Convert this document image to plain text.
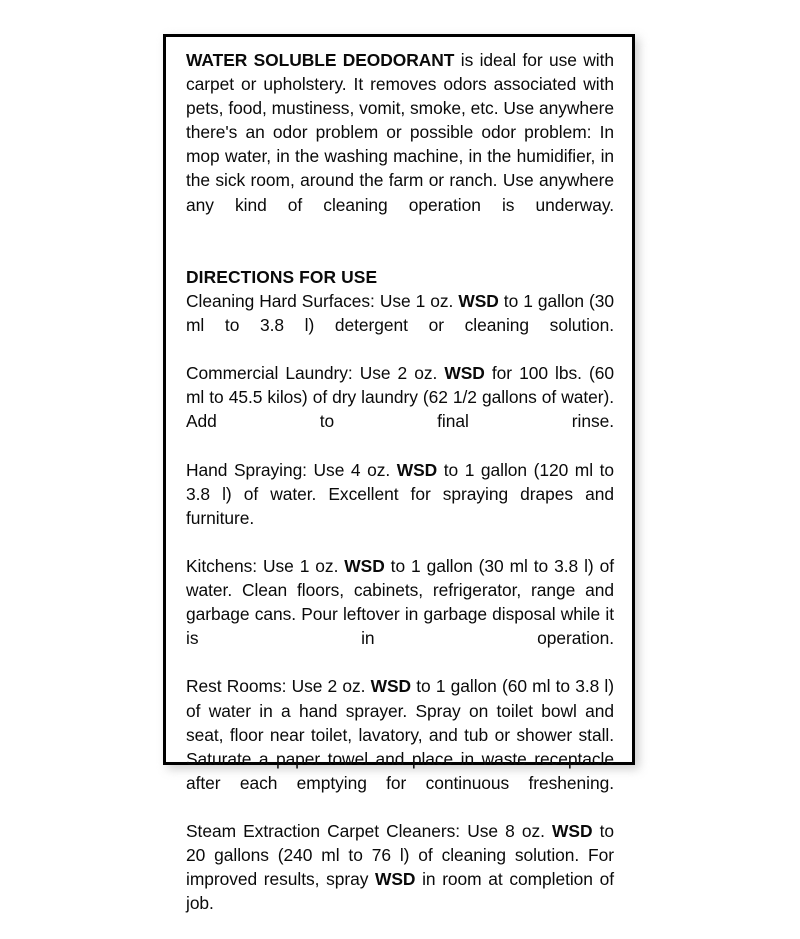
WATER SOLUBLE DEODORANT is ideal for use with carpet or upholstery. It removes odors associated with pets, food, mustiness, vomit, smoke, etc. Use anywhere there's an odor problem or possible odor problem: In mop water, in the washing machine, in the humidifier, in the sick room, around the farm or ranch. Use anywhere any kind of cleaning operation is underway.

DIRECTIONS FOR USE

Cleaning Hard Surfaces: Use 1 oz. WSD to 1 gallon (30 ml to 3.8 l) detergent or cleaning solution.

Commercial Laundry: Use 2 oz. WSD for 100 lbs. (60 ml to 45.5 kilos) of dry laundry (62 1/2 gallons of water). Add to final rinse.

Hand Spraying: Use 4 oz. WSD to 1 gallon (120 ml to 3.8 l) of water. Excellent for spraying drapes and furniture.

Kitchens: Use 1 oz. WSD to 1 gallon (30 ml to 3.8 l) of water. Clean floors, cabinets, refrigerator, range and garbage cans. Pour leftover in garbage disposal while it is in operation.

Rest Rooms: Use 2 oz. WSD to 1 gallon (60 ml to 3.8 l) of water in a hand sprayer. Spray on toilet bowl and seat, floor near toilet, lavatory, and tub or shower stall. Saturate a paper towel and place in waste receptacle after each emptying for continuous freshening.

Steam Extraction Carpet Cleaners: Use 8 oz. WSD to 20 gallons (240 ml to 76 l) of cleaning solution. For improved results, spray WSD in room at completion of job.
